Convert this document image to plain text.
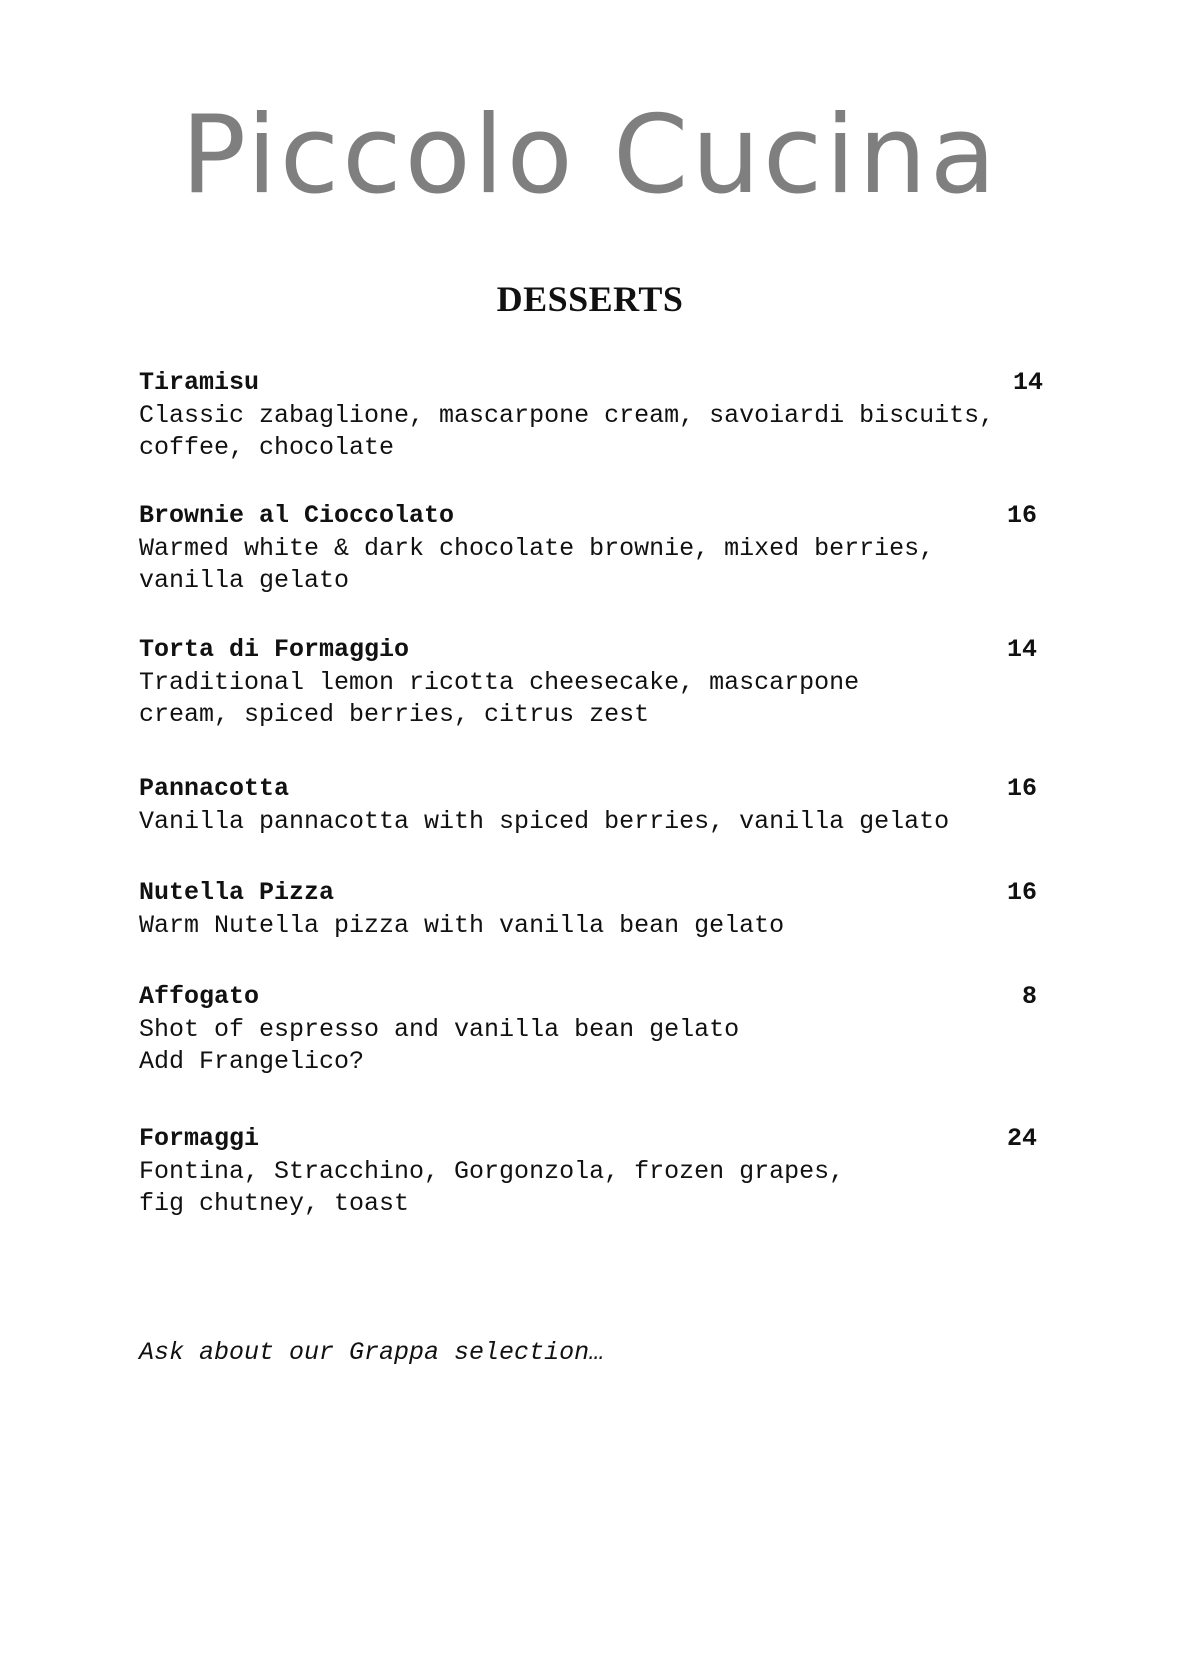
Piccolo Cucina
DESSERTS
Tiramisu	14
Classic zabaglione, mascarpone cream, savoiardi biscuits,
coffee, chocolate
Brownie al Cioccolato	16
Warmed white & dark chocolate brownie, mixed berries,
vanilla gelato
Torta di Formaggio	14
Traditional lemon ricotta cheesecake, mascarpone
cream, spiced berries, citrus zest
Pannacotta	16
Vanilla pannacotta with spiced berries, vanilla gelato
Nutella Pizza	16
Warm Nutella pizza with vanilla bean gelato
Affogato	8
Shot of espresso and vanilla bean gelato
Add Frangelico?
Formaggi	24
Fontina, Stracchino, Gorgonzola, frozen grapes,
fig chutney, toast
Ask about our Grappa selection…
